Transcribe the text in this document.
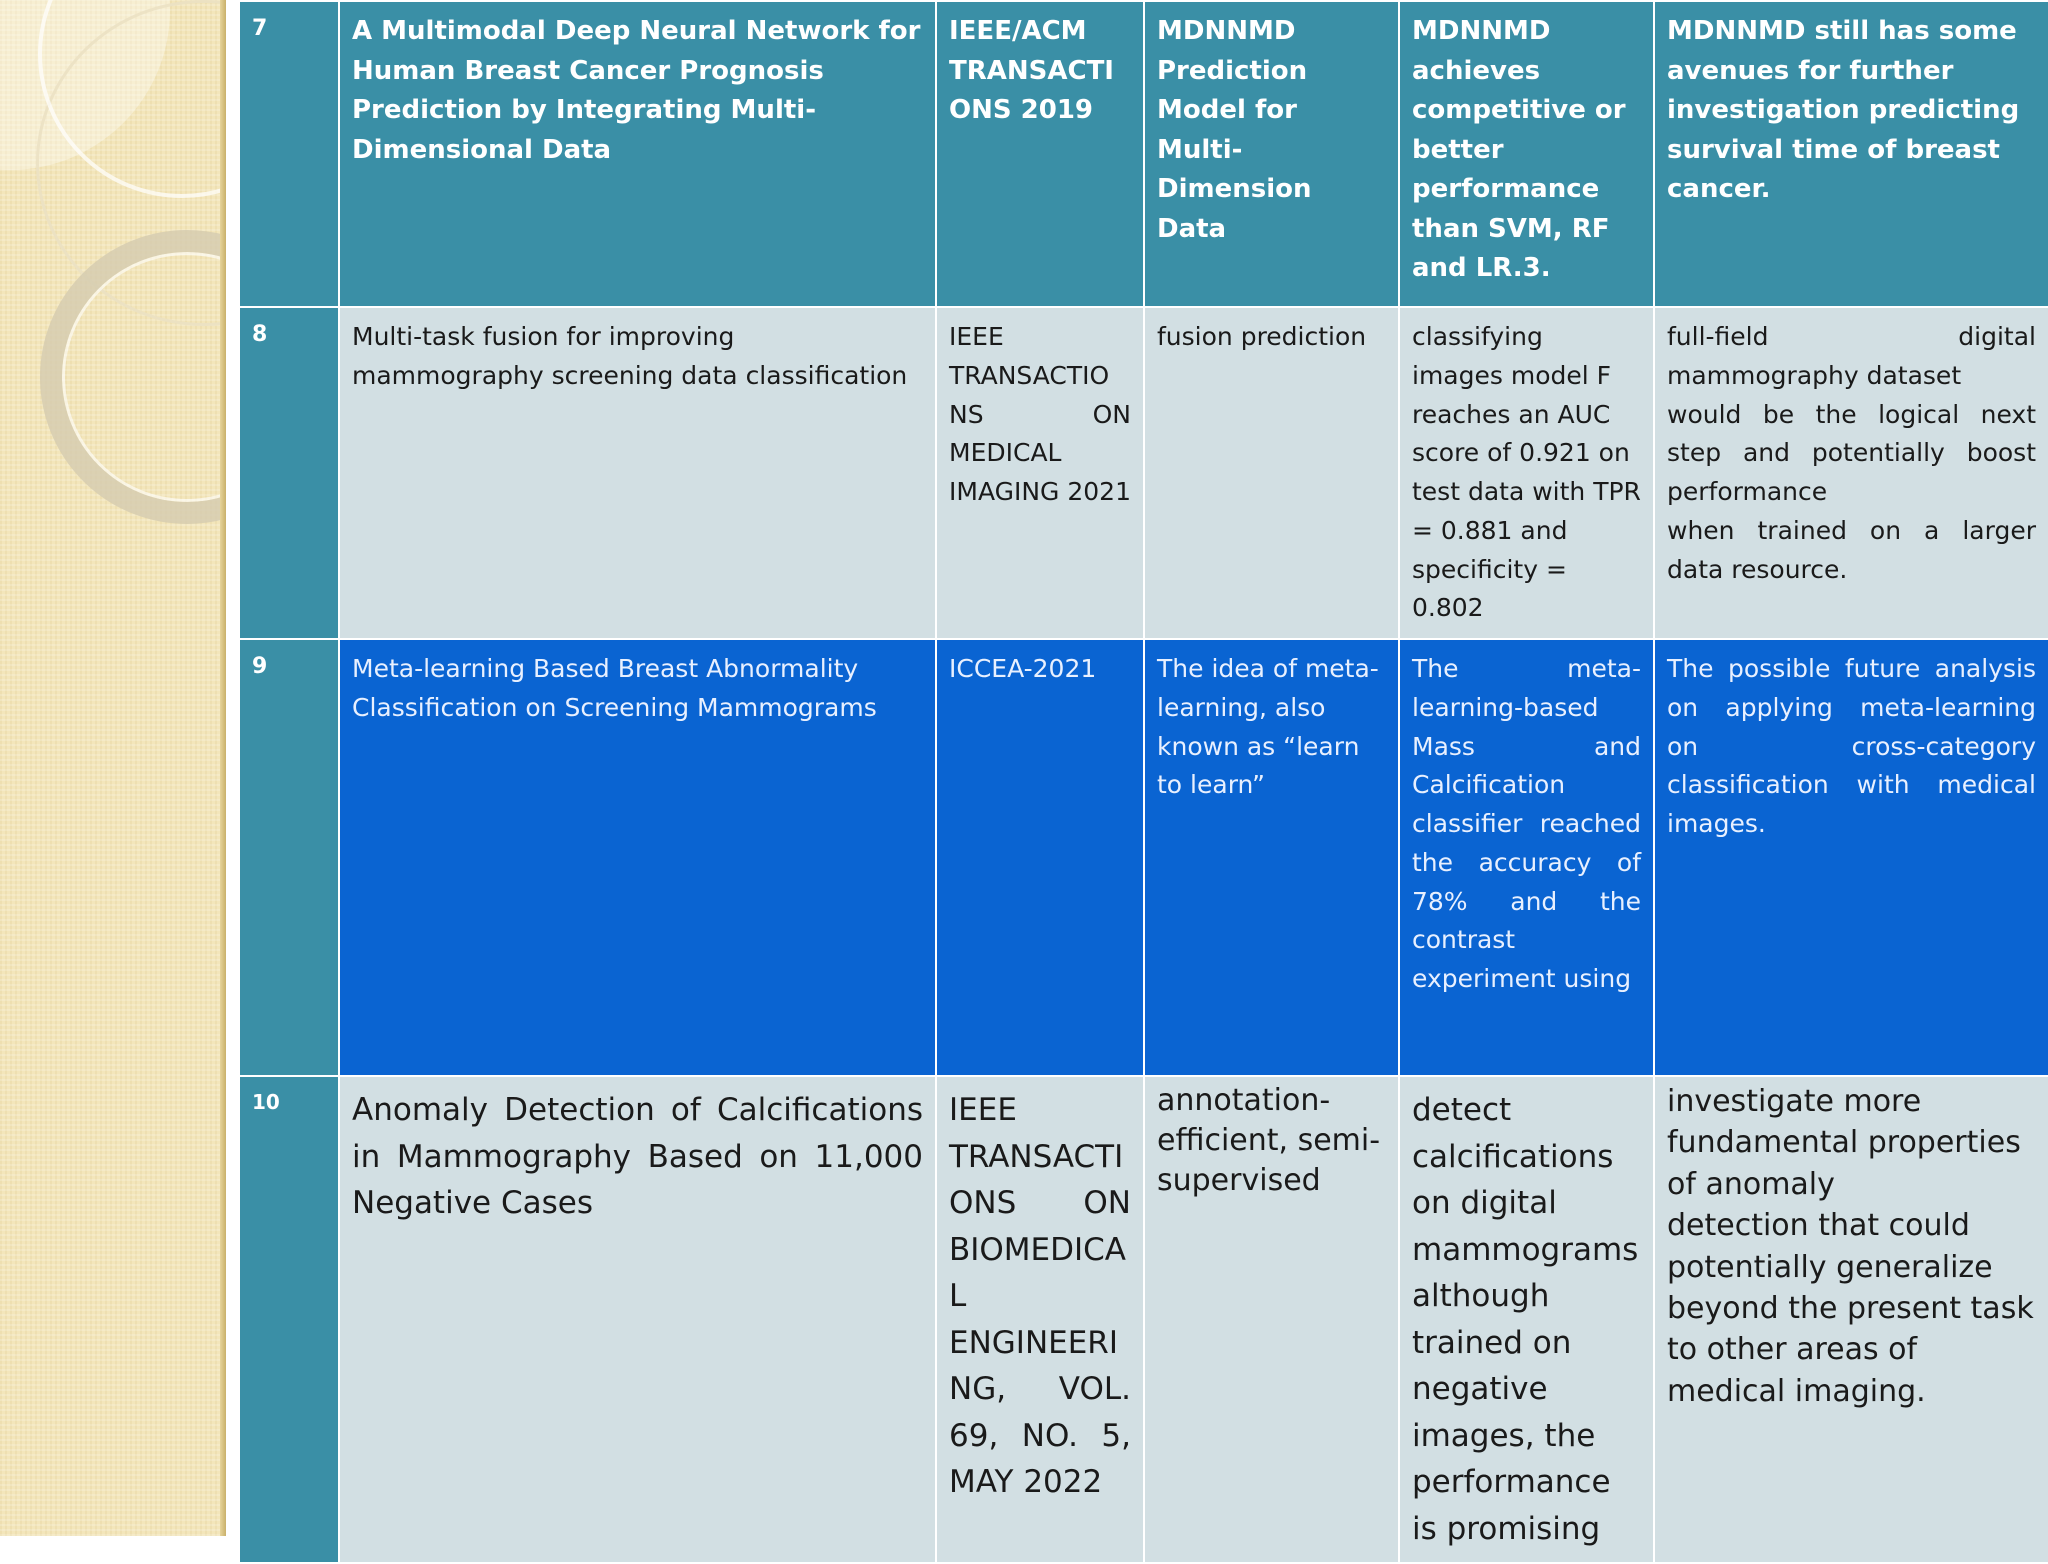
7	A Multimodal Deep Neural Network for Human Breast Cancer Prognosis Prediction by Integrating Multi-Dimensional Data	IEEE/ACM TRANSACTI ONS 2019	MDNNMD Prediction Model for Multi-Dimension Data	MDNNMD achieves competitive or better performance than SVM, RF and LR.3.	MDNNMD still has some avenues for further investigation predicting survival time of breast cancer.
8	Multi-task fusion for improving mammography screening data classification	IEEE TRANSACTIO NS ON MEDICAL IMAGING 2021	fusion prediction	classifying images model F reaches an AUC score of 0.921 on test data with TPR = 0.881 and specificity = 0.802	full-field digital mammography dataset
would be the logical next step and potentially boost performance
when trained on a larger data resource.
9	Meta-learning Based Breast Abnormality Classification on Screening Mammograms	ICCEA-2021	The idea of meta-learning, also known as “learn to learn”	The meta-learning-based Mass and Calcification classifier reached the accuracy of 78% and the contrast experiment using	The possible future analysis on applying meta-learning on cross-category classification with medical images.
10	Anomaly Detection of Calcifications in Mammography Based on 11,000 Negative Cases	IEEE TRANSACTI ONS ON BIOMEDICA L ENGINEERI NG, VOL. 69, NO. 5, MAY 2022	annotation-efficient, semi-supervised	detect calcifications on digital mammograms although trained on negative images, the performance is promising	investigate more fundamental properties of anomaly
detection that could potentially generalize beyond the present task to other areas of medical imaging.
